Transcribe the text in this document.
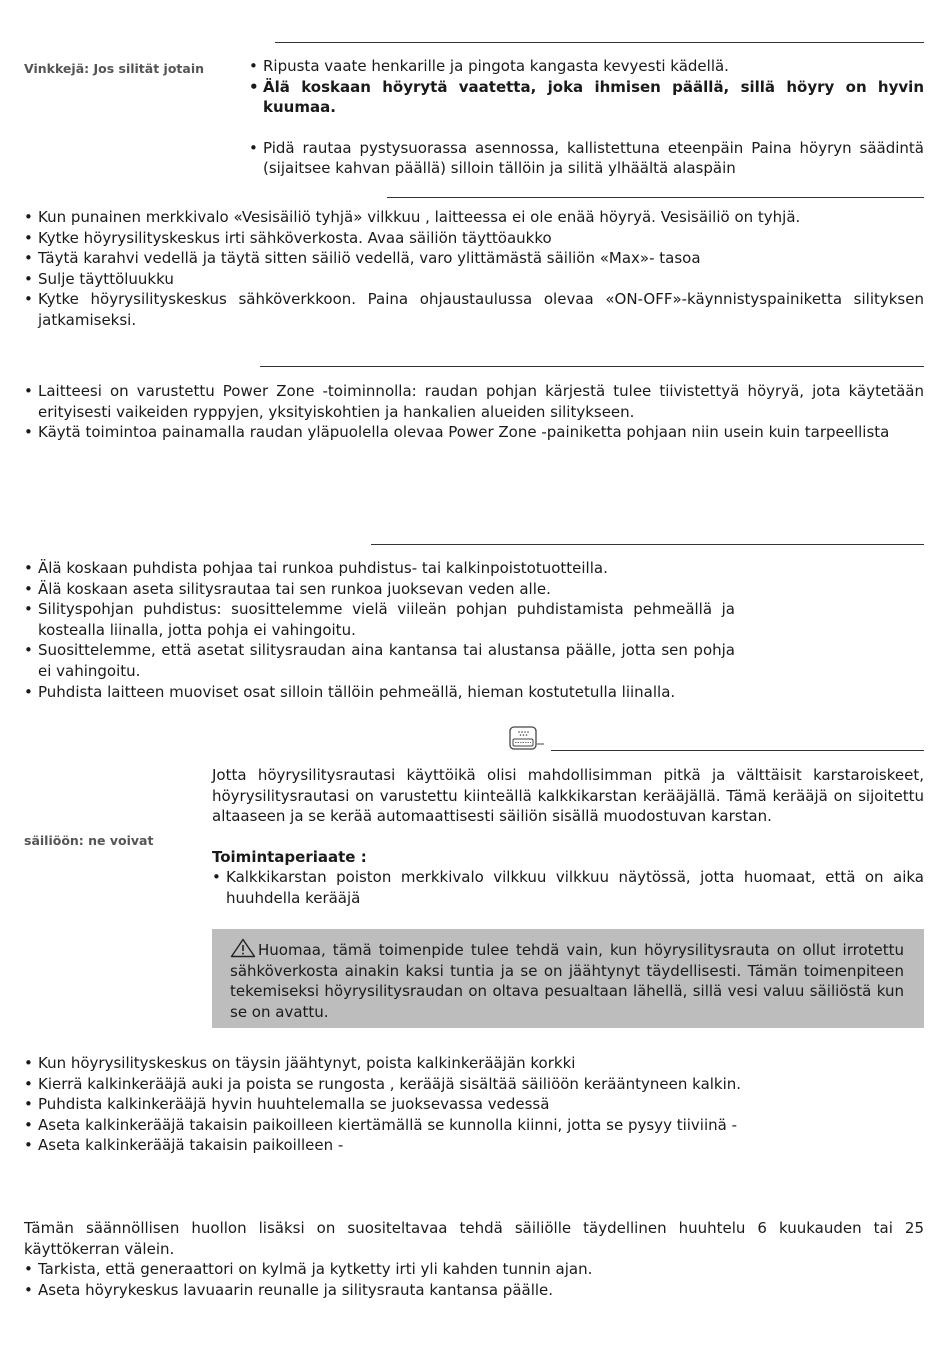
Vinkkejä: Jos silität jotain
•	Ripusta vaate henkarille ja pingota kangasta kevyesti kädellä.
• Älä koskaan höyrytä vaatetta, joka ihmisen päällä, sillä höyry on hyvin kuumaa.
• Pidä rautaa pystysuorassa asennossa, kallistettuna eteenpäin Paina höyryn säädintä (sijaitsee kahvan päällä) silloin tällöin ja silitä ylhäältä alaspäin
• Kun punainen merkkivalo «Vesisäiliö tyhjä» vilkkuu , laitteessa ei ole enää höyryä. Vesisäiliö on tyhjä.
• Kytke höyrysilityskeskus irti sähköverkosta. Avaa säiliön täyttöaukko
• Täytä karahvi vedellä ja täytä sitten säiliö vedellä, varo ylittämästä säiliön «Max»- tasoa
• Sulje täyttöluukku
• Kytke höyrysilityskeskus sähköverkkoon. Paina ohjaustaulussa olevaa «ON-OFF»-käynnistyspainiketta silityksen jatkamiseksi.
• Laitteesi on varustettu Power Zone -toiminnolla: raudan pohjan kärjestä tulee tiivistettyä höyryä, jota käytetään erityisesti vaikeiden ryppyjen, yksityiskohtien ja hankalien alueiden silitykseen.
• Käytä toimintoa painamalla raudan yläpuolella olevaa Power Zone -painiketta pohjaan niin usein kuin tarpeellista
• Älä koskaan puhdista pohjaa tai runkoa puhdistus- tai kalkinpoistotuotteilla.
• Älä koskaan aseta silitysrautaa tai sen runkoa juoksevan veden alle.
• Silityspohjan puhdistus: suosittelemme vielä viileän pohjan puhdistamista pehmeällä ja kostealla liinalla, jotta pohja ei vahingoitu.
• Suosittelemme, että asetat silitysraudan aina kantansa tai alustansa päälle, jotta sen pohja ei vahingoitu.
• Puhdista laitteen muoviset osat silloin tällöin pehmeällä, hieman kostutetulla liinalla.
säiliöön: ne voivat
Jotta höyrysilitysrautasi käyttöikä olisi mahdollisimman pitkä ja välttäisit karstaroiskeet, höyrysilitysrautasi on varustettu kiinteällä kalkkikarstan kerääjällä. Tämä kerääjä on sijoitettu altaaseen ja se kerää automaattisesti säiliön sisällä muodostuvan karstan.
Toimintaperiaate :
• Kalkkikarstan poiston merkkivalo vilkkuu vilkkuu näytössä, jotta huomaat, että on aika huuhdella kerääjä
Huomaa, tämä toimenpide tulee tehdä vain, kun höyrysilitysrauta on ollut irrotettu sähköverkosta ainakin kaksi tuntia ja se on jäähtynyt täydellisesti. Tämän toimenpiteen tekemiseksi höyrysilitysraudan on oltava pesualtaan lähellä, sillä vesi valuu säiliöstä kun se on avattu.
• Kun höyrysilityskeskus on täysin jäähtynyt, poista kalkinkerääjän korkki
• Kierrä kalkinkerääjä auki ja poista se rungosta , kerääjä sisältää säiliöön kerääntyneen kalkin.
• Puhdista kalkinkerääjä hyvin huuhtelemalla se juoksevassa vedessä
• Aseta kalkinkerääjä takaisin paikoilleen kiertämällä se kunnolla kiinni, jotta se pysyy tiiviinä -
• Aseta kalkinkerääjä takaisin paikoilleen -
Tämän säännöllisen huollon lisäksi on suositeltavaa tehdä säiliölle täydellinen huuhtelu 6 kuukauden tai 25 käyttökerran välein.
• Tarkista, että generaattori on kylmä ja kytketty irti yli kahden tunnin ajan.
• Aseta höyrykeskus lavuaarin reunalle ja silitysrauta kantansa päälle.
